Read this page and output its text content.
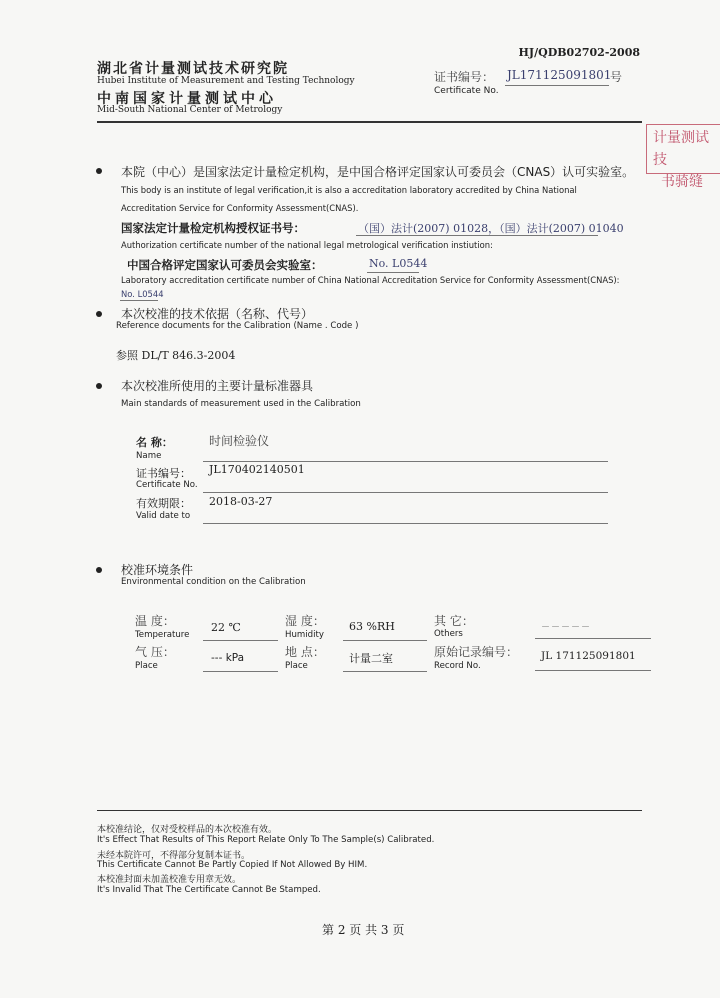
HJ/QDB02702-2008
湖北省计量测试技术研究院
Hubei Institute of Measurement and Testing Technology
中南国家计量测试中心
Mid-South National Center of Metrology
证书编号： JL171125091801
号
Certificate No.
计量测试技
书骑缝
本院（中心）是国家法定计量检定机构，是中国合格评定国家认可委员会（CNAS）认可实验室。
This body is an institute of legal verification,it is also a accreditation laboratory accredited by China National
Accreditation Service for Conformity Assessment(CNAS).
国家法定计量检定机构授权证书号：	（国）法计(2007) 01028，（国）法计(2007) 01040
Authorization certificate number of the national legal metrological verification instiution:
中国合格评定国家认可委员会实验室：	No. L0544
Laboratory accreditation certificate number of China National Accreditation Service for Conformity Assessment(CNAS):
No. L0544
本次校准的技术依据（名称、代号）
Reference documents for the Calibration (Name . Code )
参照 DL/T 846.3-2004
本次校准所使用的主要计量标准器具
Main standards of measurement used in the Calibration
名 称：
Name
时间检验仪
证书编号：
Certificate No.
JL170402140501
有效期限：
Valid date to
2018-03-27
校准环境条件
Environmental condition on the Calibration
温 度：
Temperature
22 ℃	湿 度：
Humidity
63 %RH	其 它：
Others
－－－－－
气 压：
Place
--- kPa	地 点：
Place
计量二室	原始记录编号：
Record No.
JL 171125091801
本校准结论，仅对受校样品的本次校准有效。
It's Effect That Results of This Report Relate Only To The Sample(s) Calibrated.
未经本院许可，不得部分复制本证书。
This Certificate Cannot Be Partly Copied If Not Allowed By HIM.
本校准封面未加盖校准专用章无效。
It's Invalid That The Certificate Cannot Be Stamped.
第 2 页 共 3 页
